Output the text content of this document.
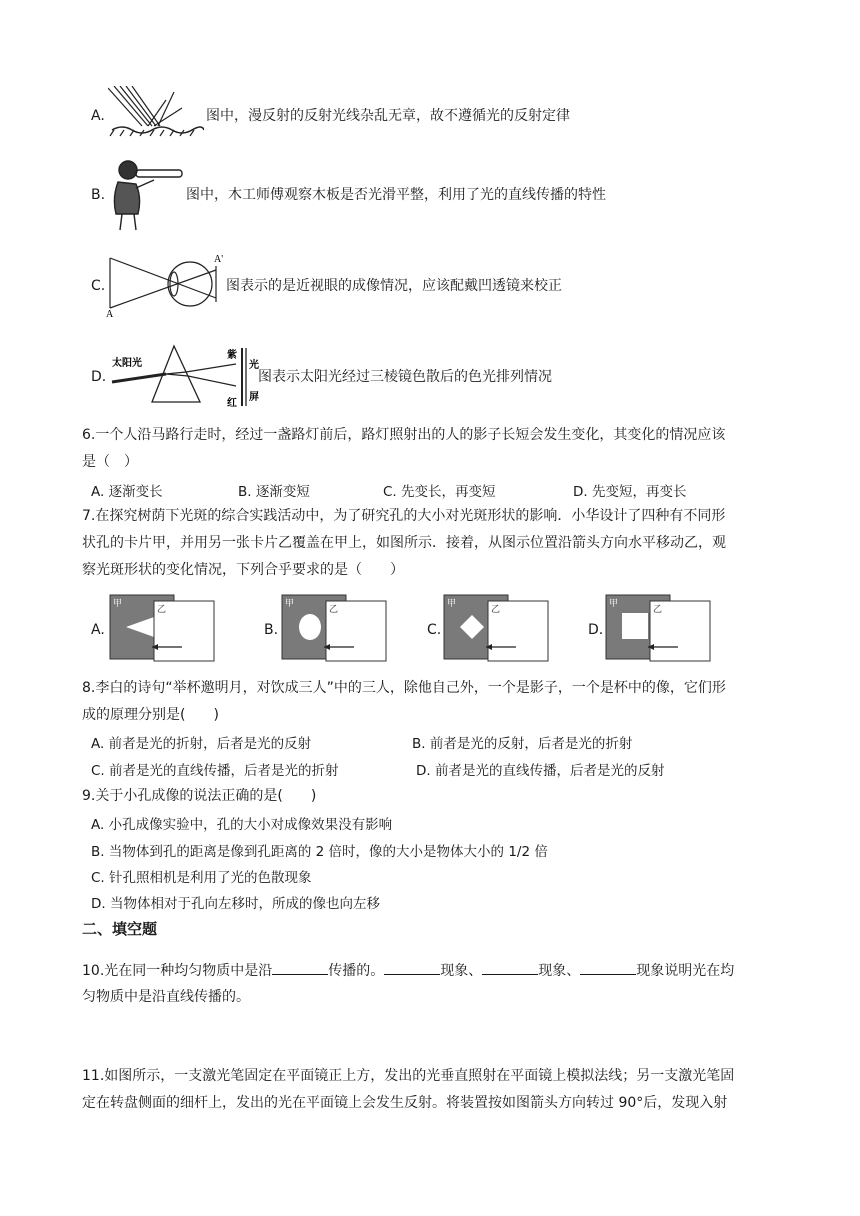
A.	图中，漫反射的反射光线杂乱无章，故不遵循光的反射定律
B.	图中，木工师傅观察木板是否光滑平整，利用了光的直线传播的特性
C.
A'
A
图表示的是近视眼的成像情况，应该配戴凹透镜来校正
D.
太阳光
紫
红
光
屏
图表示太阳光经过三棱镜色散后的色光排列情况
6.一个人沿马路行走时，经过一盏路灯前后，路灯照射出的人的影子长短会发生变化，其变化的情况应该
是（　）
A. 逐渐变长	B. 逐渐变短	C. 先变长，再变短	D. 先变短，再变长
7.在探究树荫下光斑的综合实践活动中，为了研究孔的大小对光斑形状的影响．小华设计了四种有不同形
状孔的卡片甲，并用另一张卡片乙覆盖在甲上，如图所示．接着，从图示位置沿箭头方向水平移动乙，观
察光斑形状的变化情况，下列合乎要求的是（　　）
A.
甲
乙
B.
甲
乙
C.
甲
乙
D.
甲
乙
8.李白的诗句“举杯邀明月，对饮成三人”中的三人，除他自己外，一个是影子，一个是杯中的像，它们形
成的原理分别是(　　)
A. 前者是光的折射，后者是光的反射	B. 前者是光的反射，后者是光的折射
C. 前者是光的直线传播，后者是光的折射	D. 前者是光的直线传播，后者是光的反射
9.关于小孔成像的说法正确的是(　　)
A. 小孔成像实验中，孔的大小对成像效果没有影响
B. 当物体到孔的距离是像到孔距离的 2 倍时，像的大小是物体大小的 1/2 倍
C. 针孔照相机是利用了光的色散现象
D. 当物体相对于孔向左移时，所成的像也向左移
二、填空题
10.光在同一种均匀物质中是沿	传播的。	现象、	现象、	现象说明光在均
匀物质中是沿直线传播的。
11.如图所示，一支激光笔固定在平面镜正上方，发出的光垂直照射在平面镜上模拟法线；另一支激光笔固
定在转盘侧面的细杆上，发出的光在平面镜上会发生反射。将装置按如图箭头方向转过 90°后，发现入射
